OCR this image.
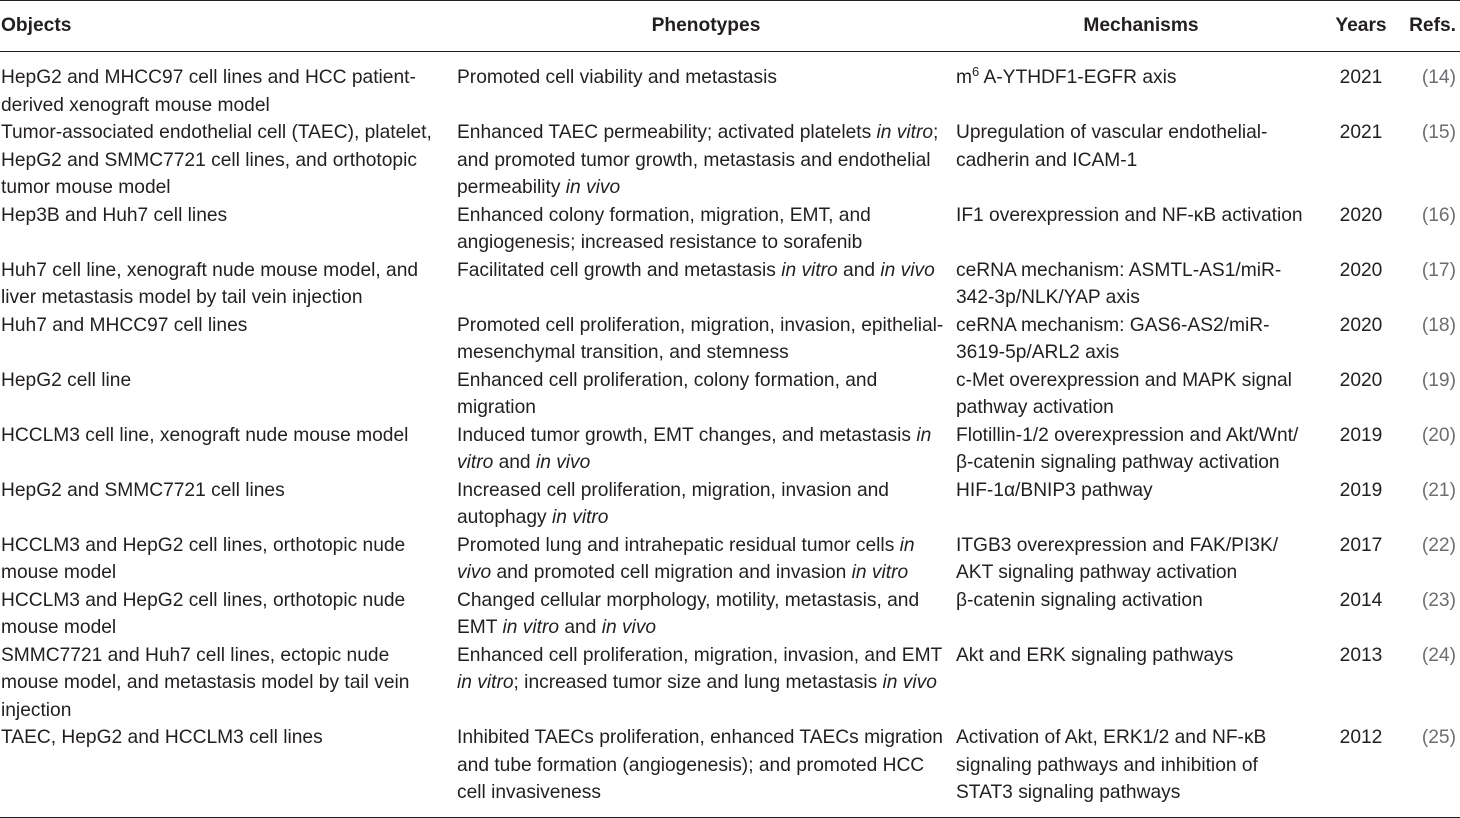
Objects	Phenotypes	Mechanisms	Years	Refs.
HepG2 and MHCC97 cell lines and HCC patient-derived xenograft mouse model	Promoted cell viability and metastasis	$m^6$ A-YTHDF1-EGFR axis	2021	(14)
Tumor-associated endothelial cell (TAEC), platelet, HepG2 and SMMC7721 cell lines, and orthotopic tumor mouse model	Enhanced TAEC permeability; activated platelets in vitro; and promoted tumor growth, metastasis and endothelial permeability in vivo	Upregulation of vascular endothelial-cadherin and ICAM-1	2021	(15)
Hep3B and Huh7 cell lines	Enhanced colony formation, migration, EMT, and angiogenesis; increased resistance to sorafenib	IF1 overexpression and NF-κB activation	2020	(16)
Huh7 cell line, xenograft nude mouse model, and liver metastasis model by tail vein injection	Facilitated cell growth and metastasis in vitro and in vivo	ceRNA mechanism: ASMTL-AS1/miR-342-3p/NLK/YAP axis	2020	(17)
Huh7 and MHCC97 cell lines	Promoted cell proliferation, migration, invasion, epithelial-mesenchymal transition, and stemness	ceRNA mechanism: GAS6-AS2/miR-3619-5p/ARL2 axis	2020	(18)
HepG2 cell line	Enhanced cell proliferation, colony formation, and migration	c-Met overexpression and MAPK signal pathway activation	2020	(19)
HCCLM3 cell line, xenograft nude mouse model	Induced tumor growth, EMT changes, and metastasis in vitro and in vivo	Flotillin-1/2 overexpression and Akt/Wnt/ β-catenin signaling pathway activation	2019	(20)
HepG2 and SMMC7721 cell lines	Increased cell proliferation, migration, invasion and autophagy in vitro	HIF-1α/BNIP3 pathway	2019	(21)
HCCLM3 and HepG2 cell lines, orthotopic nude mouse model	Promoted lung and intrahepatic residual tumor cells in vivo and promoted cell migration and invasion in vitro	ITGB3 overexpression and FAK/PI3K/ AKT signaling pathway activation	2017	(22)
HCCLM3 and HepG2 cell lines, orthotopic nude mouse model	Changed cellular morphology, motility, metastasis, and EMT in vitro and in vivo	β-catenin signaling activation	2014	(23)
SMMC7721 and Huh7 cell lines, ectopic nude mouse model, and metastasis model by tail vein injection	Enhanced cell proliferation, migration, invasion, and EMT in vitro; increased tumor size and lung metastasis in vivo	Akt and ERK signaling pathways	2013	(24)
TAEC, HepG2 and HCCLM3 cell lines	Inhibited TAECs proliferation, enhanced TAECs migration and tube formation (angiogenesis); and promoted HCC cell invasiveness	Activation of Akt, ERK1/2 and NF-κB signaling pathways and inhibition of STAT3 signaling pathways	2012	(25)
